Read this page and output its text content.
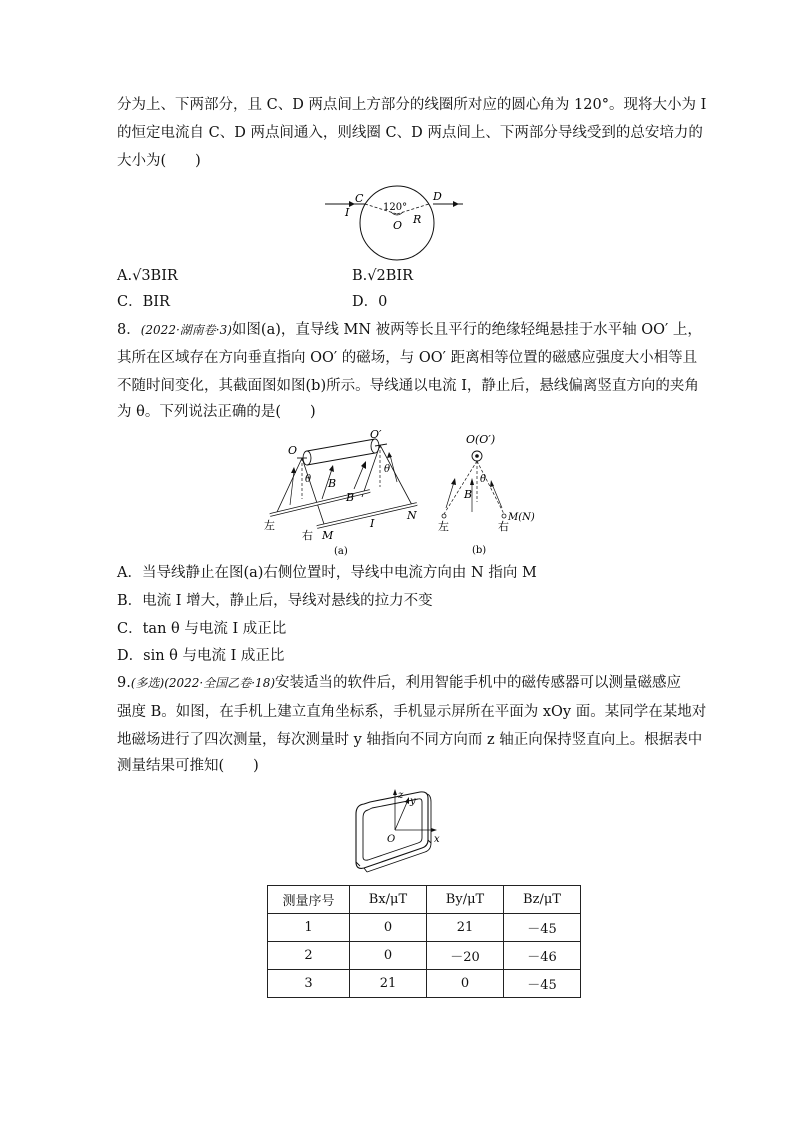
分为上、下两部分，且 C、D 两点间上方部分的线圈所对应的圆心角为 120°。现将大小为 I
的恒定电流自 C、D 两点间通入，则线圈 C、D 两点间上、下两部分导线受到的总安培力的
大小为(　　)
C	D
I	120°
O R
A.√3BIR	B.√2BIR
C．BIR	D．0
8．(2022·湖南卷·3)如图(a)，直导线 MN 被两等长且平行的绝缘轻绳悬挂于水平轴 OO′ 上，
其所在区域存在方向垂直指向 OO′ 的磁场，与 OO′ 距离相等位置的磁感应强度大小相等且
不随时间变化，其截面图如图(b)所示。导线通以电流 I，静止后，悬线偏离竖直方向的夹角
为 θ。下列说法正确的是(　　)
O
O′
θ
θ
B
B
左
右 M
I
N
(a)
O(O′)
θ
B
左	右
M(N)
(b)
A．当导线静止在图(a)右侧位置时，导线中电流方向由 N 指向 M
B．电流 I 增大，静止后，导线对悬线的拉力不变
C．tan θ 与电流 I 成正比
D．sin θ 与电流 I 成正比
9.(多选)(2022·全国乙卷·18)安装适当的软件后，利用智能手机中的磁传感器可以测量磁感应
强度 B。如图，在手机上建立直角坐标系，手机显示屏所在平面为 xOy 面。某同学在某地对
地磁场进行了四次测量，每次测量时 y 轴指向不同方向而 z 轴正向保持竖直向上。根据表中
测量结果可推知(　　)
z
y
x
O
测量序号	Bx/μT	By/μT	Bz/μT
1	0	21	－45
2	0	－20	－46
3	21	0	－45
